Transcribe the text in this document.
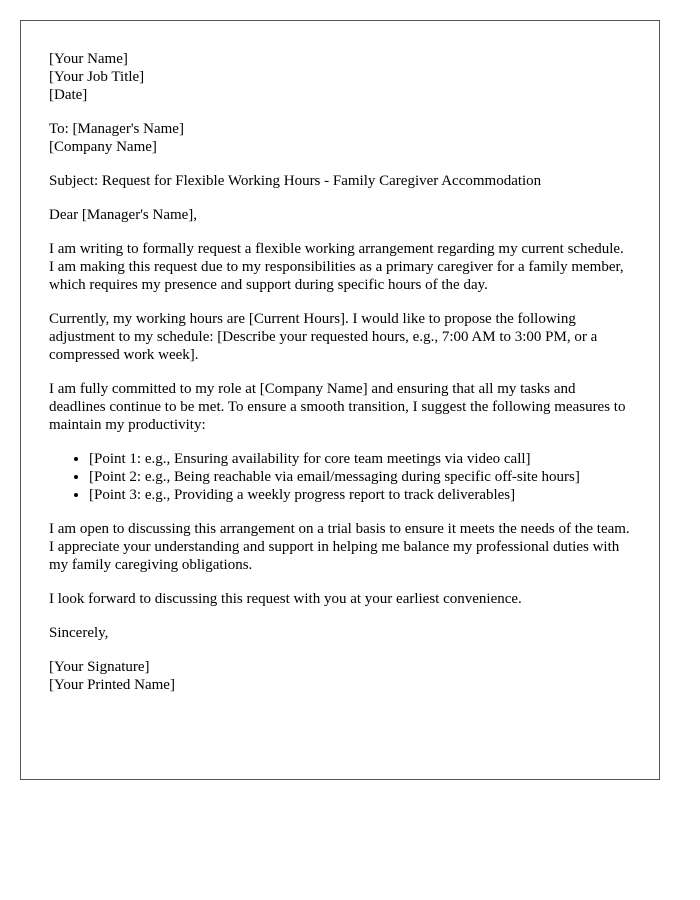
[Your Name]
[Your Job Title]
[Date]
To: [Manager's Name]
[Company Name]

Subject: Request for Flexible Working Hours - Family Caregiver Accommodation

Dear [Manager's Name],

I am writing to formally request a flexible working arrangement regarding my current schedule. I am making this request due to my responsibilities as a primary caregiver for a family member, which requires my presence and support during specific hours of the day.

Currently, my working hours are [Current Hours]. I would like to propose the following adjustment to my schedule: [Describe your requested hours, e.g., 7:00 AM to 3:00 PM, or a compressed work week].

I am fully committed to my role at [Company Name] and ensuring that all my tasks and deadlines continue to be met. To ensure a smooth transition, I suggest the following measures to maintain my productivity:

• [Point 1: e.g., Ensuring availability for core team meetings via video call]
• [Point 2: e.g., Being reachable via email/messaging during specific off-site hours]
• [Point 3: e.g., Providing a weekly progress report to track deliverables]

I am open to discussing this arrangement on a trial basis to ensure it meets the needs of the team. I appreciate your understanding and support in helping me balance my professional duties with my family caregiving obligations.

I look forward to discussing this request with you at your earliest convenience.

Sincerely,

[Your Signature]
[Your Printed Name]
